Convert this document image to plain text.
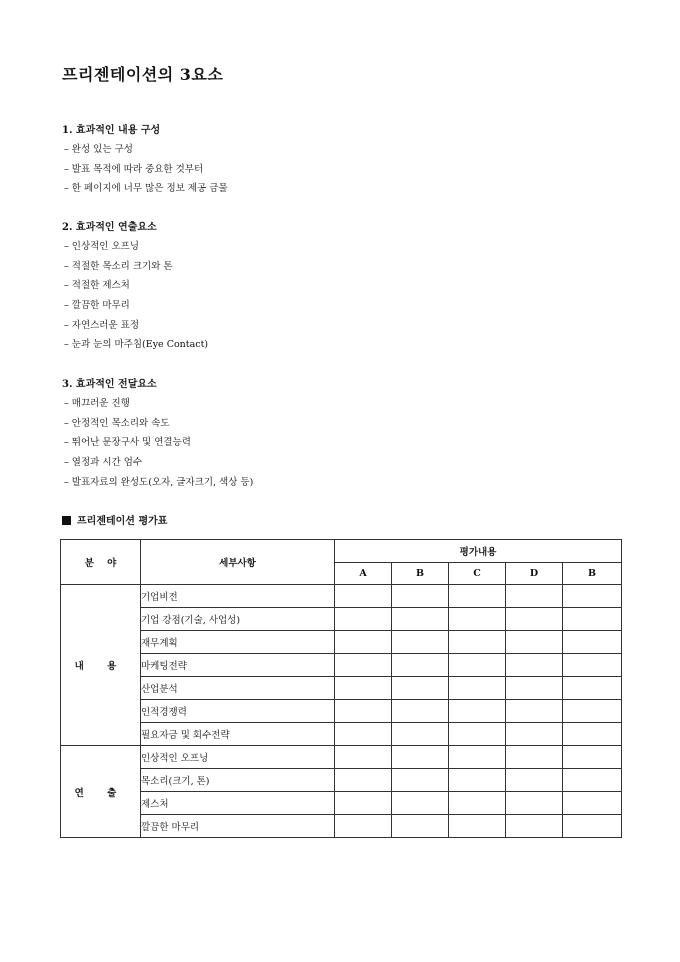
프리젠테이션의 3요소
1. 효과적인 내용 구성
– 완성 있는 구성
– 발표 목적에 따라 중요한 것부터
– 한 페이지에 너무 많은 정보 제공 금물
2. 효과적인 연출요소
– 인상적인 오프닝
– 적절한 목소리 크기와 톤
– 적절한 제스처
– 깔끔한 마무리
– 자연스러운 표정
– 눈과 눈의 마주침(Eye Contact)
3. 효과적인 전달요소
– 매끄러운 진행
– 안정적인 목소리와 속도
– 뛰어난 문장구사 및 연결능력
– 열정과 시간 엄수
– 발표자료의 완성도(오자, 글자크기, 색상 등)
프리젠테이션 평가표
분    야	세부사항	평가내용				
		A	B	C	D	B
내 용	기업비전					
	기업 강점(기술, 사업성)					
	재무계획					
	마케팅전략					
	산업분석					
	인적경쟁력					
	필요자금 및 회수전략					
연 출	인상적인 오프닝					
	목소리(크기, 톤)					
	제스처					
	깔끔한 마무리					
